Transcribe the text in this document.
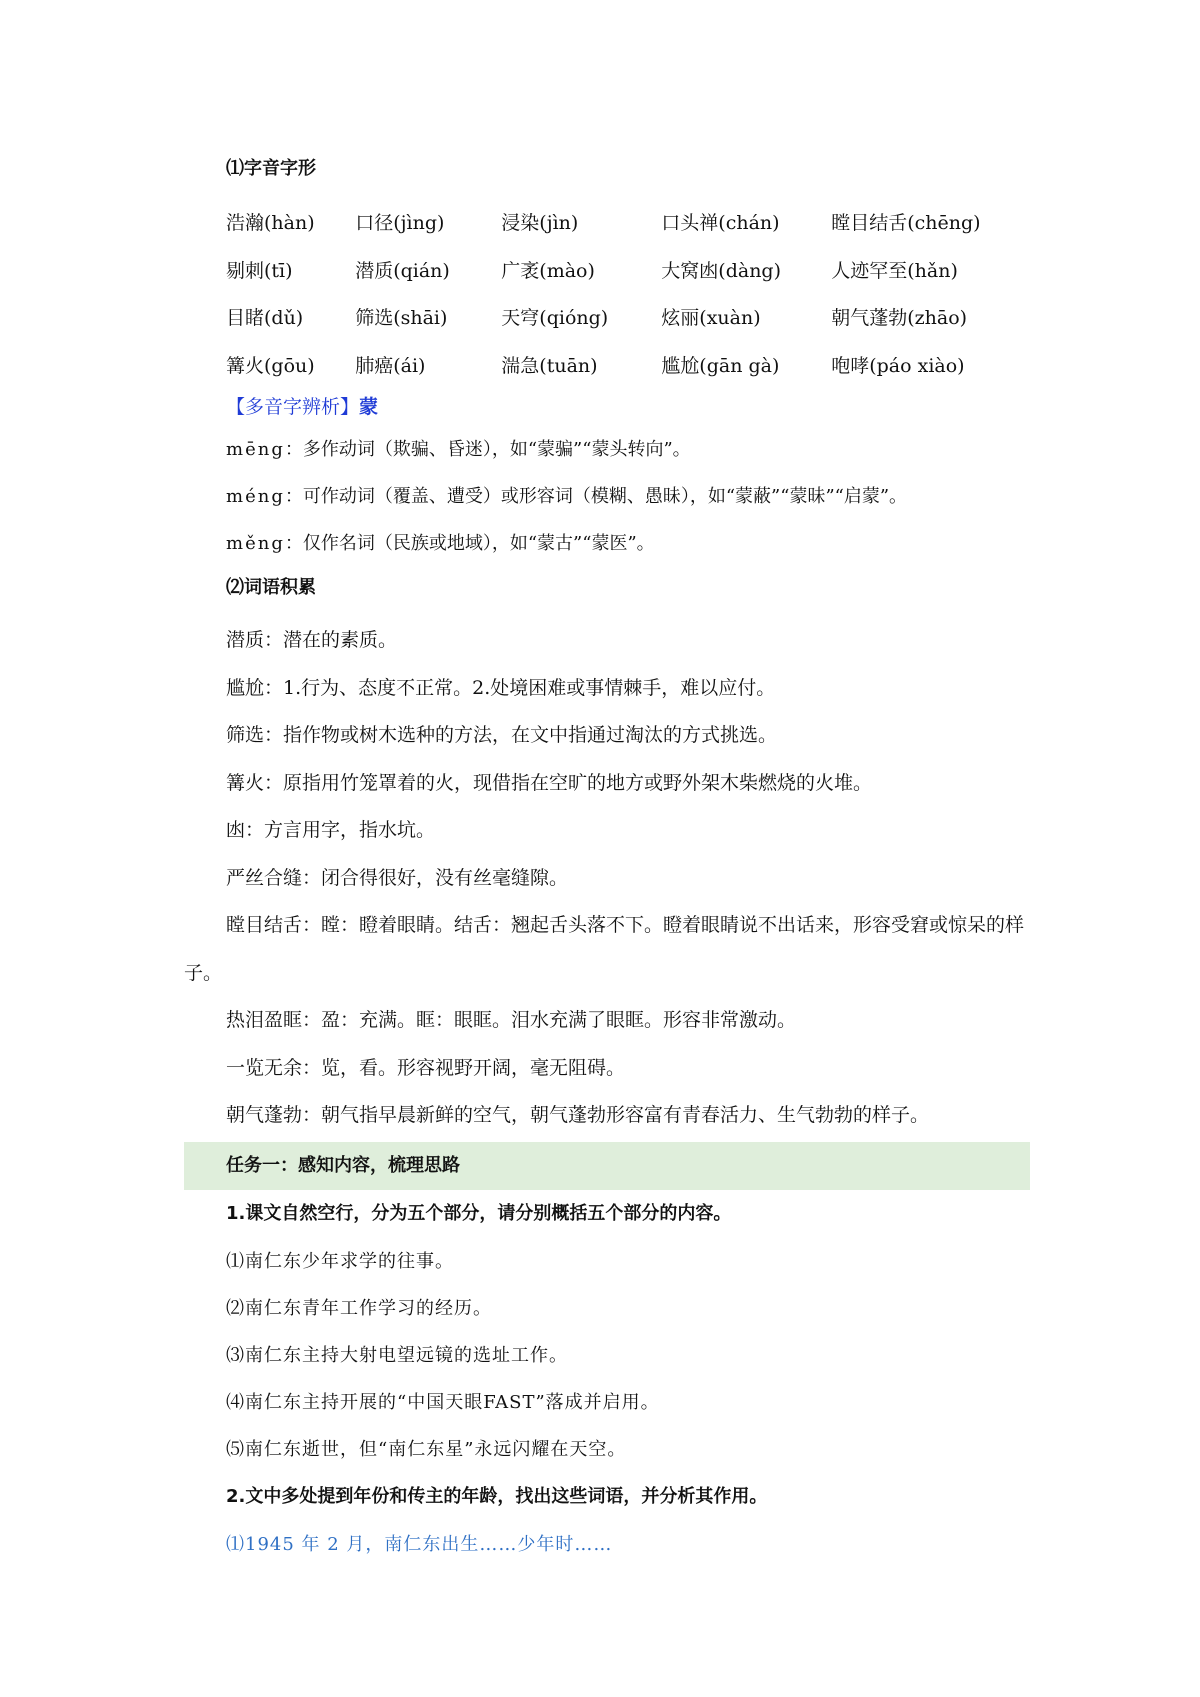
⑴字音字形
浩瀚(hàn)	口径(jìng)	浸染(jìn)	口头禅(chán)	瞠目结舌(chēng)
剔刺(tī)	潜质(qián)	广袤(mào)	大窝凼(dàng)	人迹罕至(hǎn)
目睹(dǔ)	筛选(shāi)	天穹(qióng)	炫丽(xuàn)	朝气蓬勃(zhāo)
篝火(gōu)	肺癌(ái)	湍急(tuān)	尴尬(gān gà)	咆哮(páo xiào)
【多音字辨析】蒙
mēng：多作动词（欺骗、昏迷），如“蒙骗”“蒙头转向”。
méng：可作动词（覆盖、遭受）或形容词（模糊、愚昧），如“蒙蔽”“蒙昧”“启蒙”。
měng：仅作名词（民族或地域），如“蒙古”“蒙医”。
⑵词语积累
潜质：潜在的素质。
尴尬：1.行为、态度不正常。2.处境困难或事情棘手，难以应付。
筛选：指作物或树木选种的方法，在文中指通过淘汰的方式挑选。
篝火：原指用竹笼罩着的火，现借指在空旷的地方或野外架木柴燃烧的火堆。
凼：方言用字，指水坑。
严丝合缝：闭合得很好，没有丝毫缝隙。
瞠目结舌：瞠：瞪着眼睛。结舌：翘起舌头落不下。瞪着眼睛说不出话来，形容受窘或惊呆的样子。
热泪盈眶：盈：充满。眶：眼眶。泪水充满了眼眶。形容非常激动。
一览无余：览，看。形容视野开阔，毫无阻碍。
朝气蓬勃：朝气指早晨新鲜的空气，朝气蓬勃形容富有青春活力、生气勃勃的样子。
任务一：感知内容，梳理思路
1.课文自然空行，分为五个部分，请分别概括五个部分的内容。
⑴南仁东少年求学的往事。
⑵南仁东青年工作学习的经历。
⑶南仁东主持大射电望远镜的选址工作。
⑷南仁东主持开展的“中国天眼FAST”落成并启用。
⑸南仁东逝世，但“南仁东星”永远闪耀在天空。
2.文中多处提到年份和传主的年龄，找出这些词语，并分析其作用。
⑴1945 年 2 月，南仁东出生……少年时……
